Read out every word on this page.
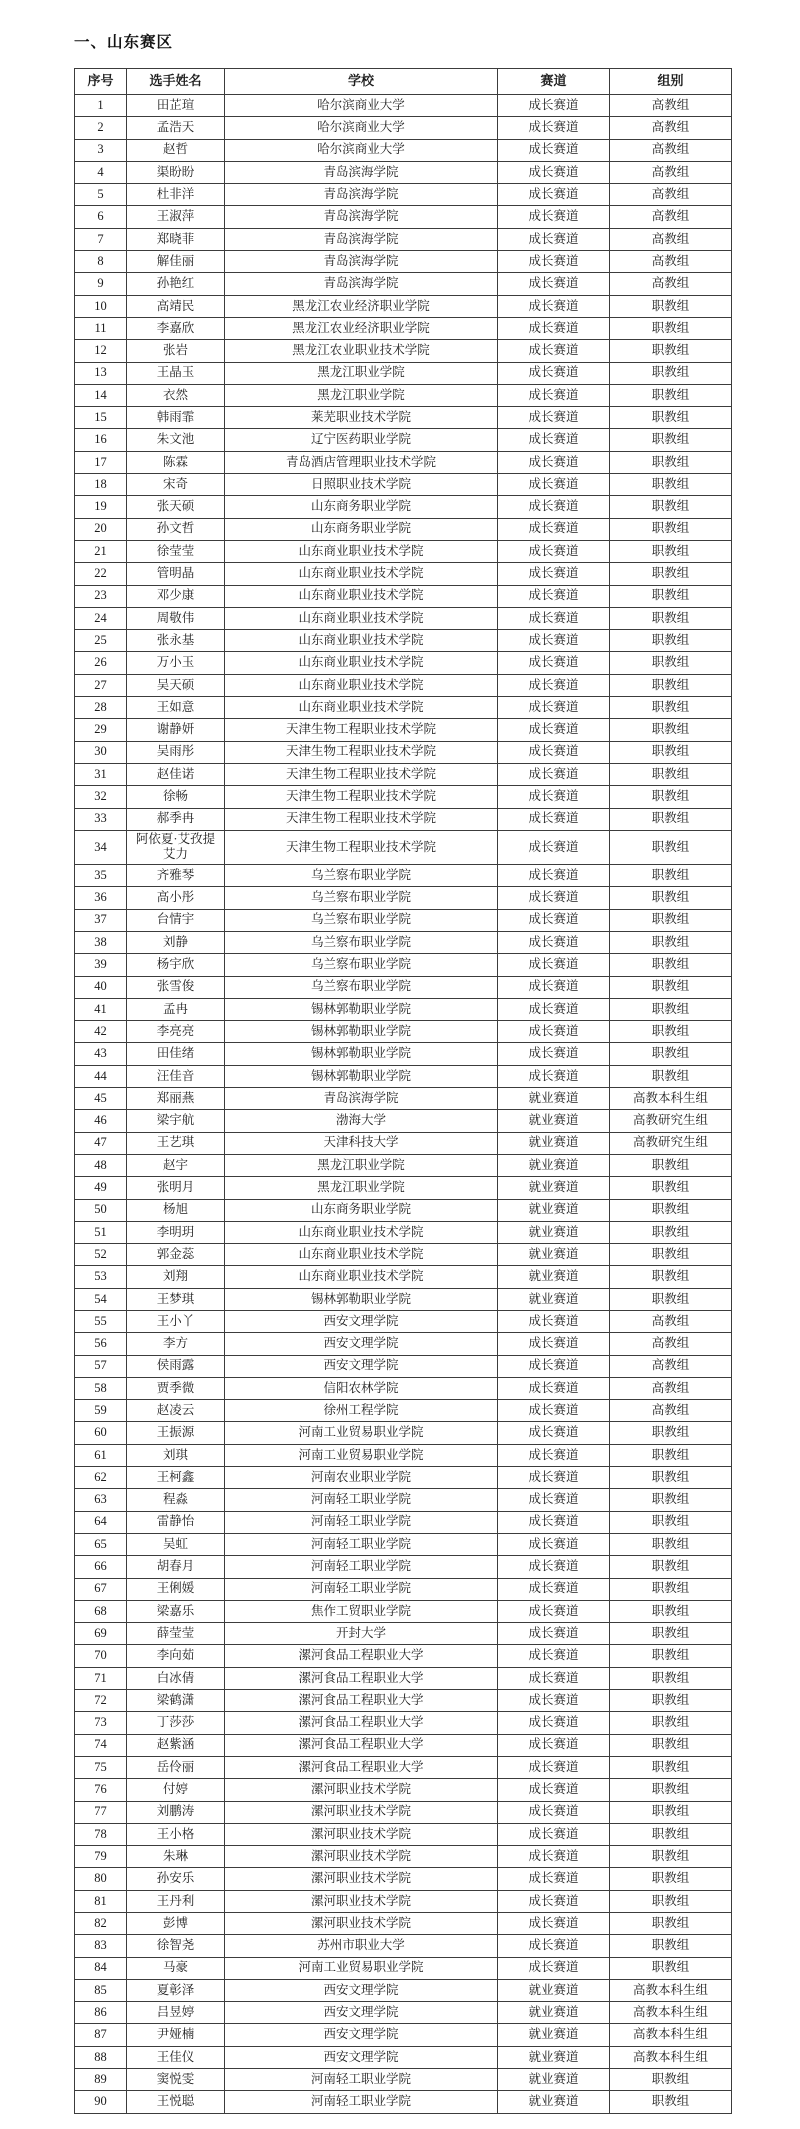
一、山东赛区
序号	选手姓名	学校	赛道	组别
1	田芷瑄	哈尔滨商业大学	成长赛道	高教组
2	孟浩天	哈尔滨商业大学	成长赛道	高教组
3	赵哲	哈尔滨商业大学	成长赛道	高教组
4	渠盼盼	青岛滨海学院	成长赛道	高教组
5	杜非洋	青岛滨海学院	成长赛道	高教组
6	王淑萍	青岛滨海学院	成长赛道	高教组
7	郑晓菲	青岛滨海学院	成长赛道	高教组
8	解佳丽	青岛滨海学院	成长赛道	高教组
9	孙艳红	青岛滨海学院	成长赛道	高教组
10	高靖民	黑龙江农业经济职业学院	成长赛道	职教组
11	李嘉欣	黑龙江农业经济职业学院	成长赛道	职教组
12	张岩	黑龙江农业职业技术学院	成长赛道	职教组
13	王晶玉	黑龙江职业学院	成长赛道	职教组
14	衣然	黑龙江职业学院	成长赛道	职教组
15	韩雨霏	莱芜职业技术学院	成长赛道	职教组
16	朱文池	辽宁医药职业学院	成长赛道	职教组
17	陈霖	青岛酒店管理职业技术学院	成长赛道	职教组
18	宋奇	日照职业技术学院	成长赛道	职教组
19	张天硕	山东商务职业学院	成长赛道	职教组
20	孙文哲	山东商务职业学院	成长赛道	职教组
21	徐莹莹	山东商业职业技术学院	成长赛道	职教组
22	管明晶	山东商业职业技术学院	成长赛道	职教组
23	邓少康	山东商业职业技术学院	成长赛道	职教组
24	周敬伟	山东商业职业技术学院	成长赛道	职教组
25	张永基	山东商业职业技术学院	成长赛道	职教组
26	万小玉	山东商业职业技术学院	成长赛道	职教组
27	吴天硕	山东商业职业技术学院	成长赛道	职教组
28	王如意	山东商业职业技术学院	成长赛道	职教组
29	谢静妍	天津生物工程职业技术学院	成长赛道	职教组
30	吴雨彤	天津生物工程职业技术学院	成长赛道	职教组
31	赵佳诺	天津生物工程职业技术学院	成长赛道	职教组
32	徐畅	天津生物工程职业技术学院	成长赛道	职教组
33	郝季冉	天津生物工程职业技术学院	成长赛道	职教组
34	阿依夏·艾孜提艾力	天津生物工程职业技术学院	成长赛道	职教组
35	齐雅琴	乌兰察布职业学院	成长赛道	职教组
36	高小彤	乌兰察布职业学院	成长赛道	职教组
37	台情宇	乌兰察布职业学院	成长赛道	职教组
38	刘静	乌兰察布职业学院	成长赛道	职教组
39	杨宇欣	乌兰察布职业学院	成长赛道	职教组
40	张雪俊	乌兰察布职业学院	成长赛道	职教组
41	孟冉	锡林郭勒职业学院	成长赛道	职教组
42	李亮亮	锡林郭勒职业学院	成长赛道	职教组
43	田佳绪	锡林郭勒职业学院	成长赛道	职教组
44	汪佳音	锡林郭勒职业学院	成长赛道	职教组
45	郑丽燕	青岛滨海学院	就业赛道	高教本科生组
46	梁宇航	渤海大学	就业赛道	高教研究生组
47	王艺琪	天津科技大学	就业赛道	高教研究生组
48	赵宇	黑龙江职业学院	就业赛道	职教组
49	张明月	黑龙江职业学院	就业赛道	职教组
50	杨旭	山东商务职业学院	就业赛道	职教组
51	李明玥	山东商业职业技术学院	就业赛道	职教组
52	郭金蕊	山东商业职业技术学院	就业赛道	职教组
53	刘翔	山东商业职业技术学院	就业赛道	职教组
54	王梦琪	锡林郭勒职业学院	就业赛道	职教组
55	王小丫	西安文理学院	成长赛道	高教组
56	李方	西安文理学院	成长赛道	高教组
57	侯雨露	西安文理学院	成长赛道	高教组
58	贾季微	信阳农林学院	成长赛道	高教组
59	赵凌云	徐州工程学院	成长赛道	高教组
60	王振源	河南工业贸易职业学院	成长赛道	职教组
61	刘琪	河南工业贸易职业学院	成长赛道	职教组
62	王柯鑫	河南农业职业学院	成长赛道	职教组
63	程淼	河南轻工职业学院	成长赛道	职教组
64	雷静怡	河南轻工职业学院	成长赛道	职教组
65	吴虹	河南轻工职业学院	成长赛道	职教组
66	胡春月	河南轻工职业学院	成长赛道	职教组
67	王俐媛	河南轻工职业学院	成长赛道	职教组
68	梁嘉乐	焦作工贸职业学院	成长赛道	职教组
69	薛莹莹	开封大学	成长赛道	职教组
70	李向茹	漯河食品工程职业大学	成长赛道	职教组
71	白冰倩	漯河食品工程职业大学	成长赛道	职教组
72	梁鹤潇	漯河食品工程职业大学	成长赛道	职教组
73	丁莎莎	漯河食品工程职业大学	成长赛道	职教组
74	赵紫涵	漯河食品工程职业大学	成长赛道	职教组
75	岳伶丽	漯河食品工程职业大学	成长赛道	职教组
76	付婷	漯河职业技术学院	成长赛道	职教组
77	刘鹏涛	漯河职业技术学院	成长赛道	职教组
78	王小格	漯河职业技术学院	成长赛道	职教组
79	朱琳	漯河职业技术学院	成长赛道	职教组
80	孙安乐	漯河职业技术学院	成长赛道	职教组
81	王丹利	漯河职业技术学院	成长赛道	职教组
82	彭博	漯河职业技术学院	成长赛道	职教组
83	徐智尧	苏州市职业大学	成长赛道	职教组
84	马豪	河南工业贸易职业学院	成长赛道	职教组
85	夏彰泽	西安文理学院	就业赛道	高教本科生组
86	吕昱婷	西安文理学院	就业赛道	高教本科生组
87	尹娅楠	西安文理学院	就业赛道	高教本科生组
88	王佳仪	西安文理学院	就业赛道	高教本科生组
89	窦悦雯	河南轻工职业学院	就业赛道	职教组
90	王悦聪	河南轻工职业学院	就业赛道	职教组
